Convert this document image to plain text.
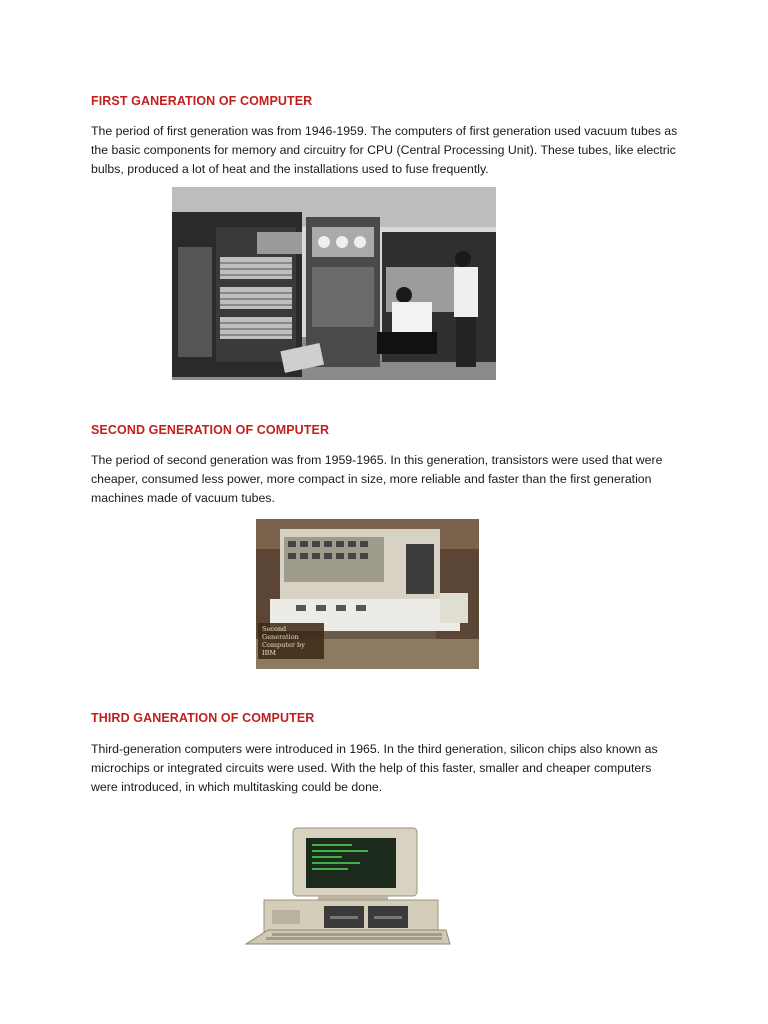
FIRST GANERATION OF COMPUTER

The period of first generation was from 1946-1959. The computers of first generation used vacuum tubes as the basic components for memory and circuitry for CPU (Central Processing Unit). These tubes, like electric bulbs, produced a lot of heat and the installations used to fuse frequently.

SECOND GENERATION OF COMPUTER

The period of second generation was from 1959-1965. In this generation, transistors were used that were cheaper, consumed less power, more compact in size, more reliable and faster than the first generation machines made of vacuum tubes.

Second Generation Computer by IBM
THIRD GANERATION OF COMPUTER

Third-generation computers were introduced in 1965. In the third generation, silicon chips also known as microchips or integrated circuits were used. With the help of this faster, smaller and cheaper computers were introduced, in which multitasking could be done.
